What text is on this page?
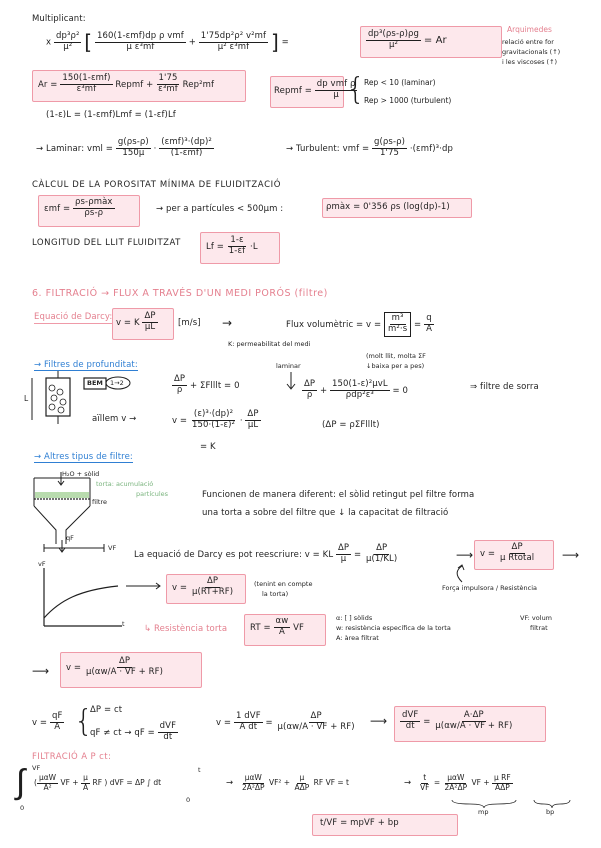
Multiplicant:
x $\frac{\text{dp³ρ²}}{\text{μ²}}$ [ $\frac{\text{160(1-εmf)dp ρ vmf}}{\text{μ ε³mf}} + \frac{\text{1'75dp²ρ² v²mf}}{\text{μ² ε³mf}}$ ] =	$\frac{\text{dp³(ρs-ρ)ρg}}{\text{μ²}} = Ar$
Arquimedes
relació entre for
gravitacionals (↑)
i les viscoses (↑)
$Ar = \frac{\text{150(1-εmf)}}{\text{ε³mf}}$ Repmf + $\frac{1'75}{\text{ε³mf}} Rep^2mf$
Repmf = $\frac{\text{dp vmf ρ}}{\mu}$
{
Rep < 10 (laminar)
Rep > 1000 (turbulent)
(1-ε)L = (1-εmf)Lmf = (1-εf)Lf
→ Laminar: vml = $\frac{g(\rho s-\rho)}{150\mu} \cdot \frac{\text{(εmf)³·(dp)²}}{\text{(1-εmf)}}$	→ Turbulent: vmf = $\frac{g(\rho s-\rho)}{1'75} \cdot(\varepsilon mf)^3\cdot dp$
CÀLCUL DE LA POROSITAT MÍNIMA DE FLUIDITZACIÓ
$\varepsilon mf = \frac{\text{ρs-ρmàx}}{\rho s-\rho}$	→ per a partícules < 500μm :	ρmàx = 0'356 ρs (log(dp)-1)
LONGITUD DEL LLIT FLUIDITZAT	$Lf = \frac{1-\varepsilon}{1-\varepsilon f} \cdot L$
6. FILTRACIÓ → FLUX A TRAVÉS D'UN MEDI PORÓS (filtre)
Equació de Darcy:
v = K $\frac{\Delta P}{\mu L} [m/s]$ →	Flux volumètric = $v = \frac{\text{m³}}{\text{m²·s}} = \frac{q}{A}$
K: permeabilitat del medi
→ Filtres de profunditat:
L
BEM 1→2	$\frac{\Delta P}{\rho}$ + ΣFlllt = 0
laminar
$\frac{\Delta P}{\rho} + \frac{\text{150(1-ε)²μvL}}{\text{ρdp²ε³}} = 0$
(molt llit, molta ΣF
↓baixa per a pes)
⇒ filtre de sorra
aïllem v →	$v = \frac{\text{(ε)³·(dp)²}}{\text{150·(1-ε)²}} \cdot \frac{\Delta P}{\mu L}$
= K
(ΔP = ρΣFlllt)
→ Altres tipus de filtre:
H₂O + sòlid
torta: acumulació
partícules
filtre
Funcionen de manera diferent: el sòlid retingut pel filtre forma
una torta a sobre del filtre que ↓ la capacitat de filtració
qF
VF
La equació de Darcy es pot reescriure: v = KL $\frac{\Delta P}{\mu} = \frac{\Delta P}{\mu(1/KL)}$	⟶ $v = \frac{\Delta P}{\text{μ Rtotal}}$ ⟶
Força impulsora / Resistència
vF
t
$v = \frac{\Delta P}{\mu(RT+RF)}$	(tenint en compte
la torta)
↳ Resistència torta	RT = $\frac{\alpha w}{A}$ VF
α: [ ] sòlids
w: resistència específica de la torta
A: àrea filtrat
VF: volum
filtrat
⟶ $v = \frac{\Delta P}{\mu(\alpha w/A \cdot VF + RF)}$
$v = \frac{qF}{A}$ {
ΔP = ct
qF ≠ ct → qF = $\frac{\text{dVF}}{dt}$	$v = \frac{\text{1 dVF}}{\text{A dt}} = \frac{\Delta P}{\mu(\alpha w/A \cdot VF + RF)}$ ⟶ $\frac{\text{dVF}}{dt} = \frac{A\cdot\Delta P}{\mu(\alpha w/A \cdot VF + RF)}$
FILTRACIÓ A P ct:
∫ VF
0
( $\frac{\text{μαW}}{\text{A²}}$ VF + $\frac{\mu}{A}$ RF ) dVF = ΔP ∫ dt
t
0
→ $\frac{\text{μαW}}{\text{2A²ΔP}} VF^2 + \frac{\mu}{\text{AΔP}}$ RF VF = t	→ $\frac{t}{VF} = \frac{\text{μαW}}{\text{2A²ΔP}}$ VF + $\frac{\text{μ RF}}{\text{AΔP}}$
mp	bp
t/VF = mpVF + bp
